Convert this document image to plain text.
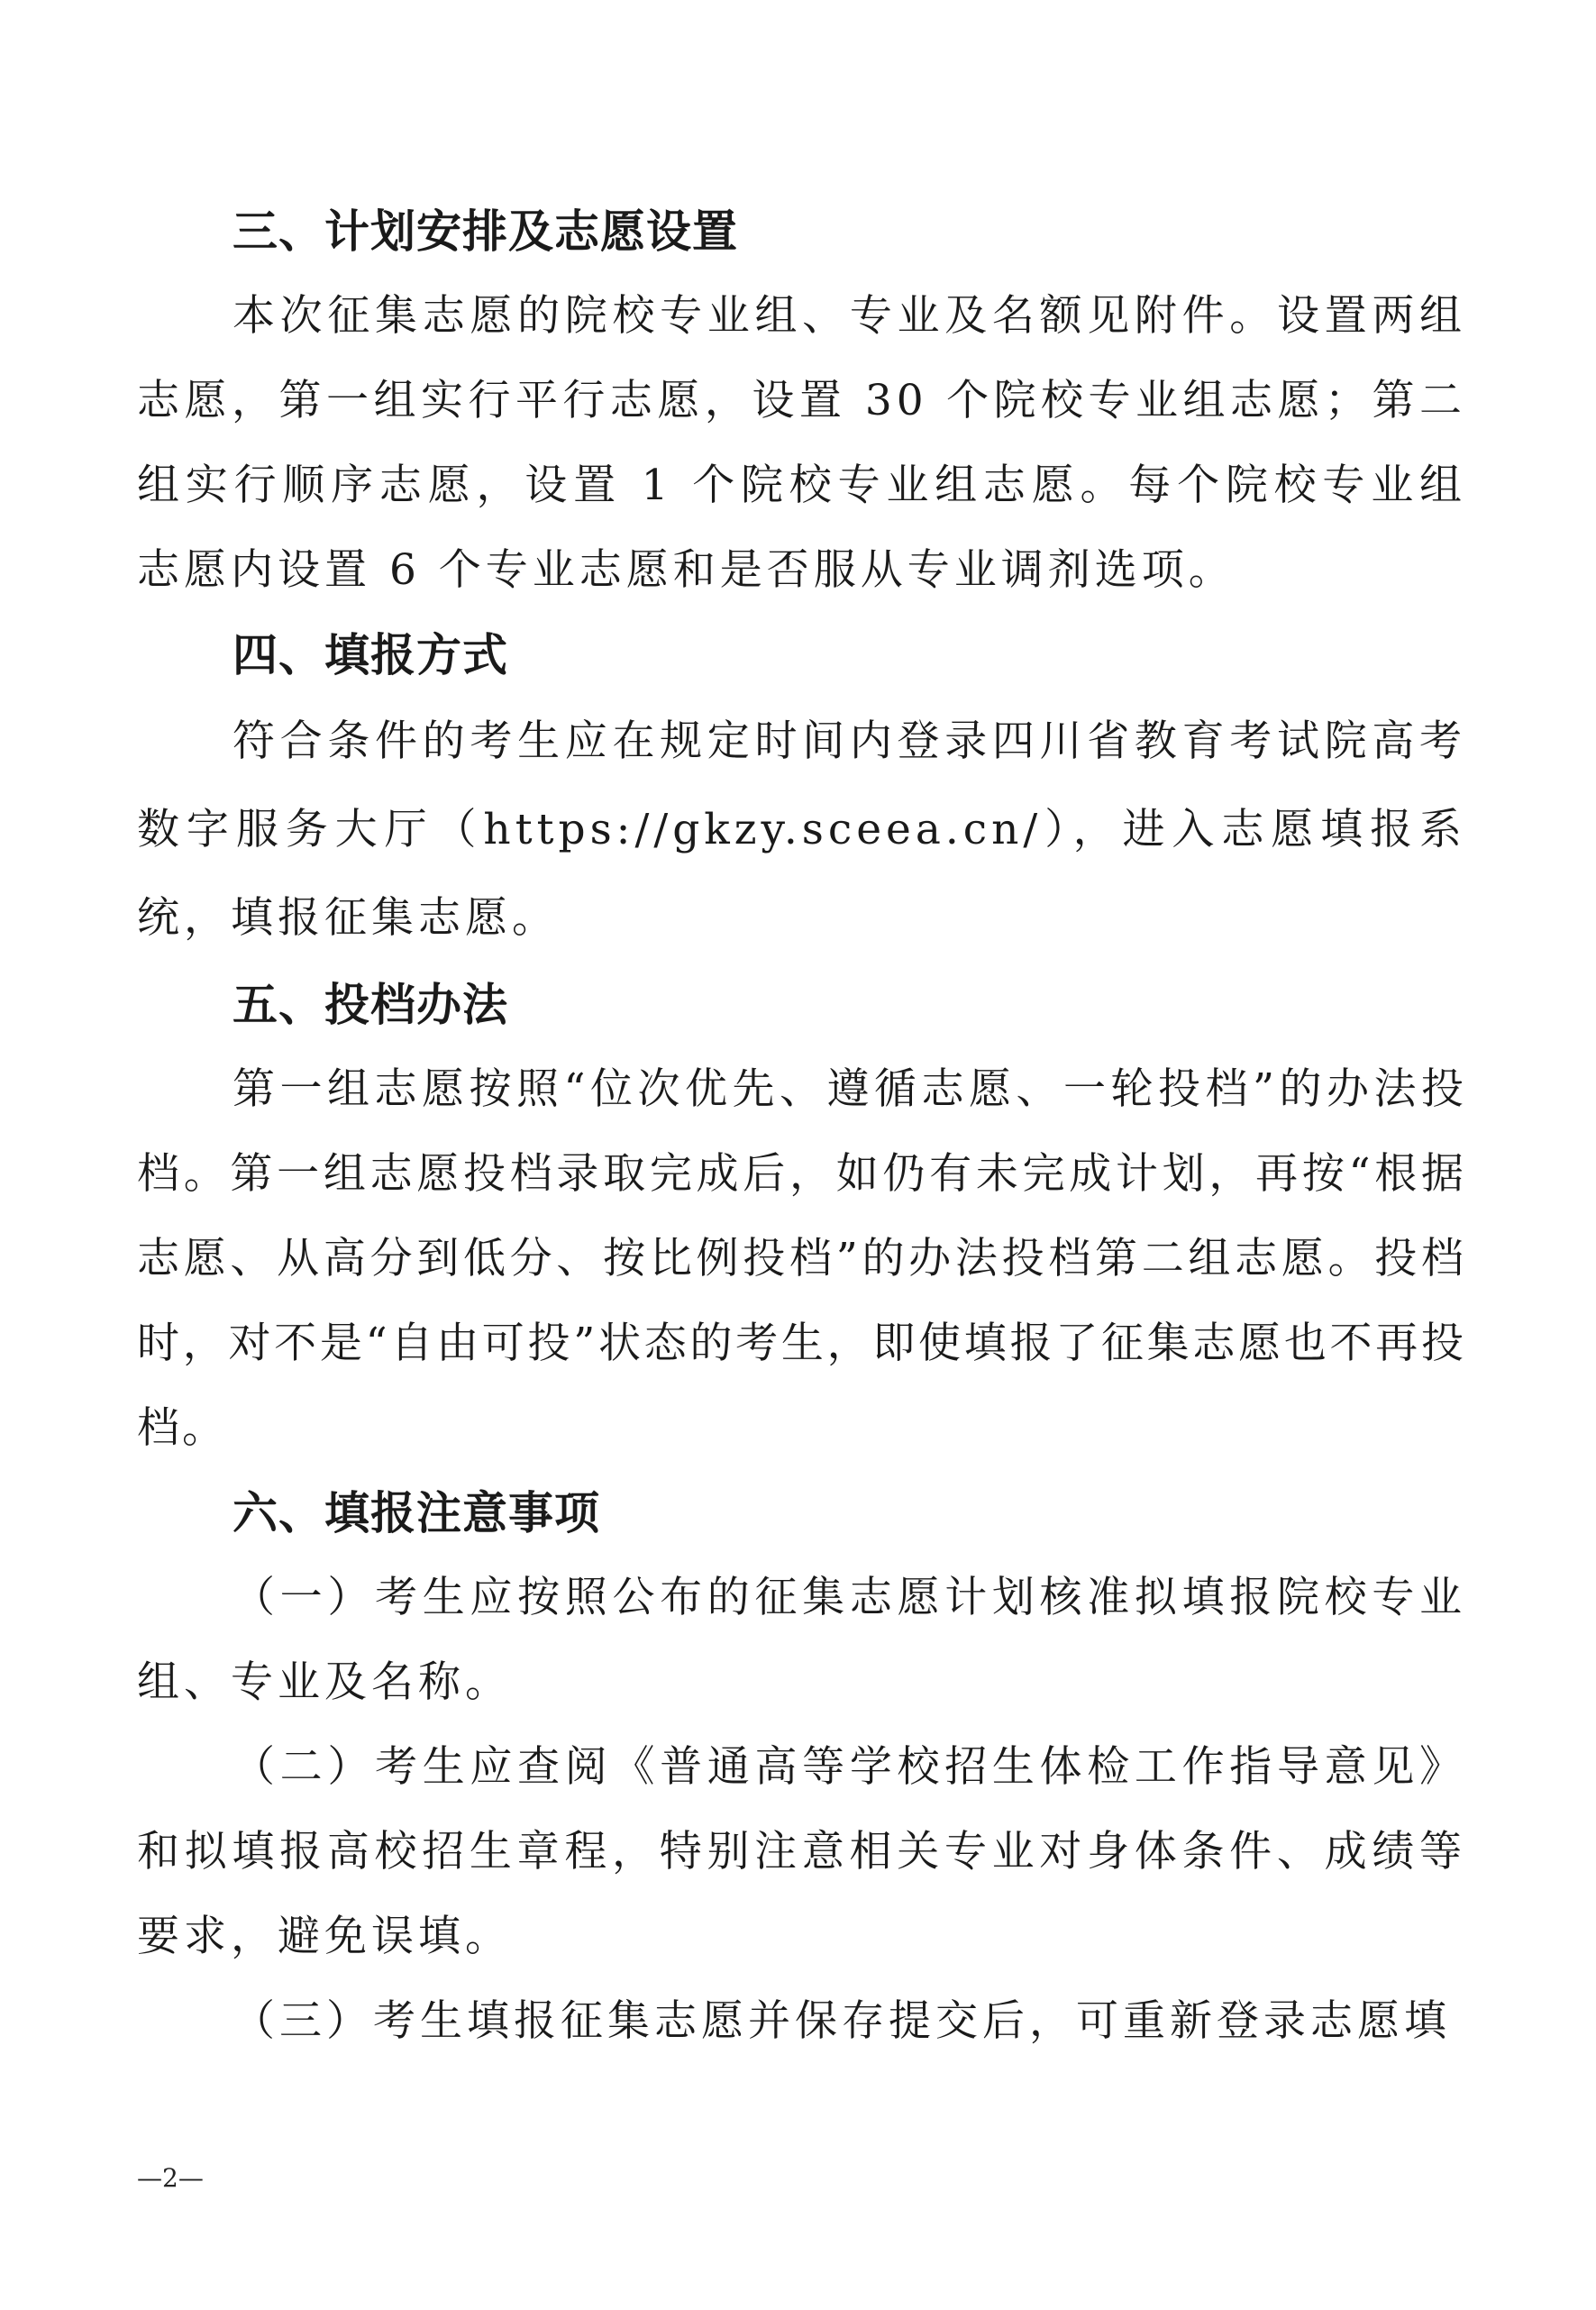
三、计划安排及志愿设置
本次征集志愿的院校专业组、专业及名额见附件。设置两组志愿，第一组实行平行志愿，设置 30 个院校专业组志愿；第二组实行顺序志愿，设置 1 个院校专业组志愿。每个院校专业组志愿内设置 6 个专业志愿和是否服从专业调剂选项。
四、填报方式
符合条件的考生应在规定时间内登录四川省教育考试院高考数字服务大厅（https://gkzy.sceea.cn/），进入志愿填报系统，填报征集志愿。
五、投档办法
第一组志愿按照“位次优先、遵循志愿、一轮投档”的办法投档。第一组志愿投档录取完成后，如仍有未完成计划，再按“根据志愿、从高分到低分、按比例投档”的办法投档第二组志愿。投档时，对不是“自由可投”状态的考生，即使填报了征集志愿也不再投档。
六、填报注意事项
（一）考生应按照公布的征集志愿计划核准拟填报院校专业组、专业及名称。
（二）考生应查阅《普通高等学校招生体检工作指导意见》和拟填报高校招生章程，特别注意相关专业对身体条件、成绩等要求，避免误填。
（三）考生填报征集志愿并保存提交后，可重新登录志愿填
—2—
